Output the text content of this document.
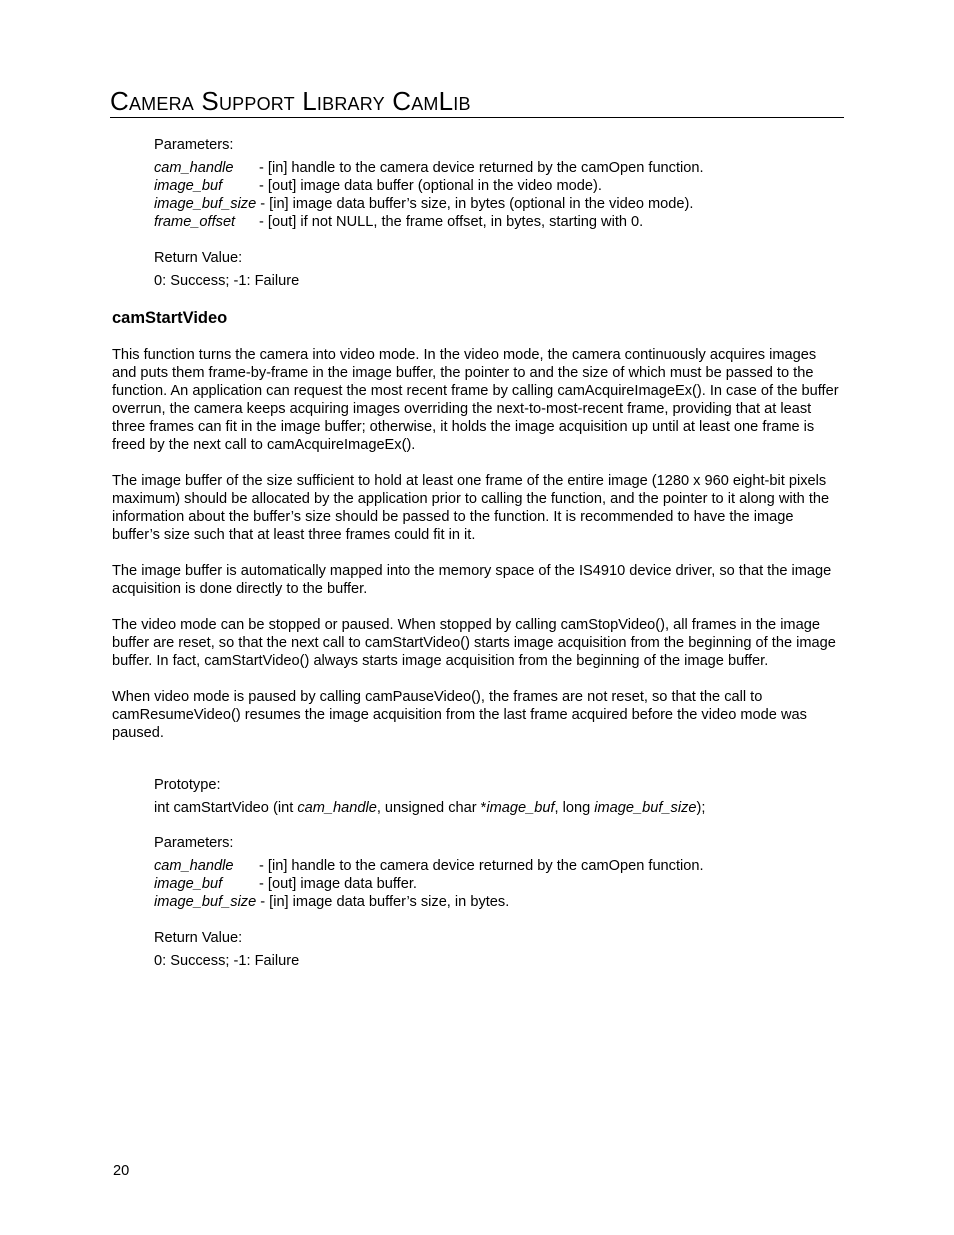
Camera Support Library CamLib

Parameters:

cam_handle	- [in] handle to the camera device returned by the camOpen function.
image_buf	- [out] image data buffer (optional in the video mode).
image_buf_size - [in] image data buffer’s size, in bytes (optional in the video mode).
frame_offset	- [out] if not NULL, the frame offset, in bytes, starting with 0.

Return Value:

0: Success; -1: Failure

camStartVideo

This function turns the camera into video mode. In the video mode, the camera continuously acquires images and puts them frame-by-frame in the image buffer, the pointer to and the size of which must be passed to the function. An application can request the most recent frame by calling camAcquireImageEx(). In case of the buffer overrun, the camera keeps acquiring images overriding the next-to-most-recent frame, providing that at least three frames can fit in the image buffer; otherwise, it holds the image acquisition up until at least one frame is freed by the next call to camAcquireImageEx().

The image buffer of the size sufficient to hold at least one frame of the entire image (1280 x 960 eight-bit pixels maximum) should be allocated by the application prior to calling the function, and the pointer to it along with the information about the buffer’s size should be passed to the function. It is recommended to have the image buffer’s size such that at least three frames could fit in it.

The image buffer is automatically mapped into the memory space of the IS4910 device driver, so that the image acquisition is done directly to the buffer.

The video mode can be stopped or paused. When stopped by calling camStopVideo(), all frames in the image buffer are reset, so that the next call to camStartVideo() starts image acquisition from the beginning of the image buffer. In fact, camStartVideo() always starts image acquisition from the beginning of the image buffer.

When video mode is paused by calling camPauseVideo(), the frames are not reset, so that the call to camResumeVideo() resumes the image acquisition from the last frame acquired before the video mode was paused.

Prototype:

int camStartVideo (int cam_handle, unsigned char *image_buf, long image_buf_size);

Parameters:

cam_handle	- [in] handle to the camera device returned by the camOpen function.
image_buf	- [out] image data buffer.
image_buf_size - [in] image data buffer’s size, in bytes.

Return Value:

0: Success; -1: Failure

20
